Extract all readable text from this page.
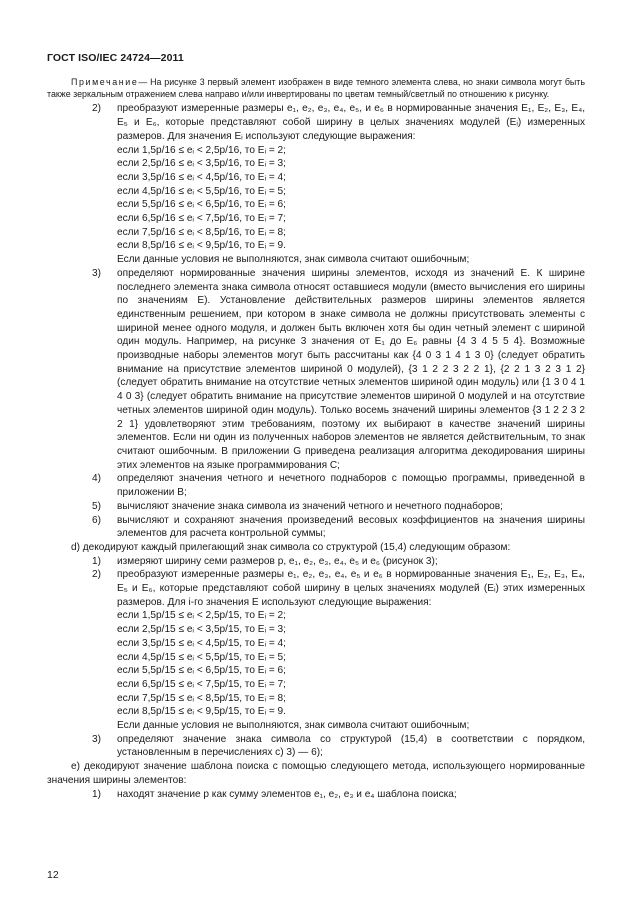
ГОСТ ISO/IEC 24724—2011
Примечание— На рисунке 3 первый элемент изображен в виде темного элемента слева, но знаки символа могут быть также зеркальным отражением слева направо и/или инвертированы по цветам темный/светлый по отношению к рисунку.
2)	преобразуют измеренные размеры e₁, e₂, e₃, e₄, e₅, и e₆ в нормированные значения E₁, E₂, E₃, E₄, E₅ и E₆, которые представляют собой ширину в целых значениях модулей (Eᵢ) измеренных размеров. Для значения Eᵢ используют следующие выражения:
если 1,5p/16 ≤ eᵢ < 2,5p/16, то Eᵢ = 2;
если 2,5p/16 ≤ eᵢ < 3,5p/16, то Eᵢ = 3;
если 3,5p/16 ≤ eᵢ < 4,5p/16, то Eᵢ = 4;
если 4,5p/16 ≤ eᵢ < 5,5p/16, то Eᵢ = 5;
если 5,5p/16 ≤ eᵢ < 6,5p/16, то Eᵢ = 6;
если 6,5p/16 ≤ eᵢ < 7,5p/16, то Eᵢ = 7;
если 7,5p/16 ≤ eᵢ < 8,5p/16, то Eᵢ = 8;
если 8,5p/16 ≤ eᵢ < 9,5p/16, то Eᵢ = 9.
Если данные условия не выполняются, знак символа считают ошибочным;
3)	определяют нормированные значения ширины элементов, исходя из значений E. К ширине последнего элемента знака символа относят оставшиеся модули (вместо вычисления его ширины по значениям E). Установление действительных размеров ширины элементов является единственным решением, при котором в знаке символа не должны присутствовать элементы с шириной менее одного модуля, и должен быть включен хотя бы один четный элемент с шириной один модуль. Например, на рисунке 3 значения от E₁ до E₆ равны {4 3 4 5 5 4}. Возможные производные наборы элементов могут быть рассчитаны как {4 0 3 1 4 1 3 0} (следует обратить внимание на присутствие элементов шириной 0 модулей), {3 1 2 2 3 2 2 1}, {2 2 1 3 2 3 1 2} (следует обратить внимание на отсутствие четных элементов шириной один модуль) или {1 3 0 4 1 4 0 3} (следует обратить внимание на присутствие элементов шириной 0 модулей и на отсутствие четных элементов шириной один модуль). Только восемь значений ширины элементов {3 1 2 2 3 2 2 1} удовлетворяют этим требованиям, поэтому их выбирают в качестве значений ширины элементов. Если ни один из полученных наборов элементов не является действительным, то знак считают ошибочным. В приложении G приведена реализация алгоритма декодирования ширины этих элементов на языке программирования C;
4)	определяют значения четного и нечетного поднаборов с помощью программы, приведенной в приложении B;
5)	вычисляют значение знака символа из значений четного и нечетного поднаборов;
6)	вычисляют и сохраняют значения произведений весовых коэффициентов на значения ширины элементов для расчета контрольной суммы;
d) декодируют каждый прилегающий знак символа со структурой (15,4) следующим образом:
1)	измеряют ширину семи размеров p, e₁, e₂, e₃, e₄, e₅ и e₆ (рисунок 3);
2)	преобразуют измеренные размеры e₁, e₂, e₃, e₄, e₅ и e₆ в нормированные значения E₁, E₂, E₃, E₄, E₅ и E₆, которые представляют собой ширину в целых значениях модулей (Eᵢ) этих измеренных размеров. Для i-го значения E используют следующие выражения:
если 1,5p/15 ≤ eᵢ < 2,5p/15, то Eᵢ = 2;
если 2,5p/15 ≤ eᵢ < 3,5p/15, то Eᵢ = 3;
если 3,5p/15 ≤ eᵢ < 4,5p/15, то Eᵢ = 4;
если 4,5p/15 ≤ eᵢ < 5,5p/15, то Eᵢ = 5;
если 5,5p/15 ≤ eᵢ < 6,5p/15, то Eᵢ = 6;
если 6,5p/15 ≤ eᵢ < 7,5p/15, то Eᵢ = 7;
если 7,5p/15 ≤ eᵢ < 8,5p/15, то Eᵢ = 8;
если 8,5p/15 ≤ eᵢ < 9,5p/15, то Eᵢ = 9.
Если данные условия не выполняются, знак символа считают ошибочным;
3)	определяют значение знака символа со структурой (15,4) в соответствии с порядком, установленным в перечислениях c) 3) — 6);
e) декодируют значение шаблона поиска с помощью следующего метода, использующего нормированные значения ширины элементов:
1)	находят значение p как сумму элементов e₁, e₂, e₃ и e₄ шаблона поиска;
12
